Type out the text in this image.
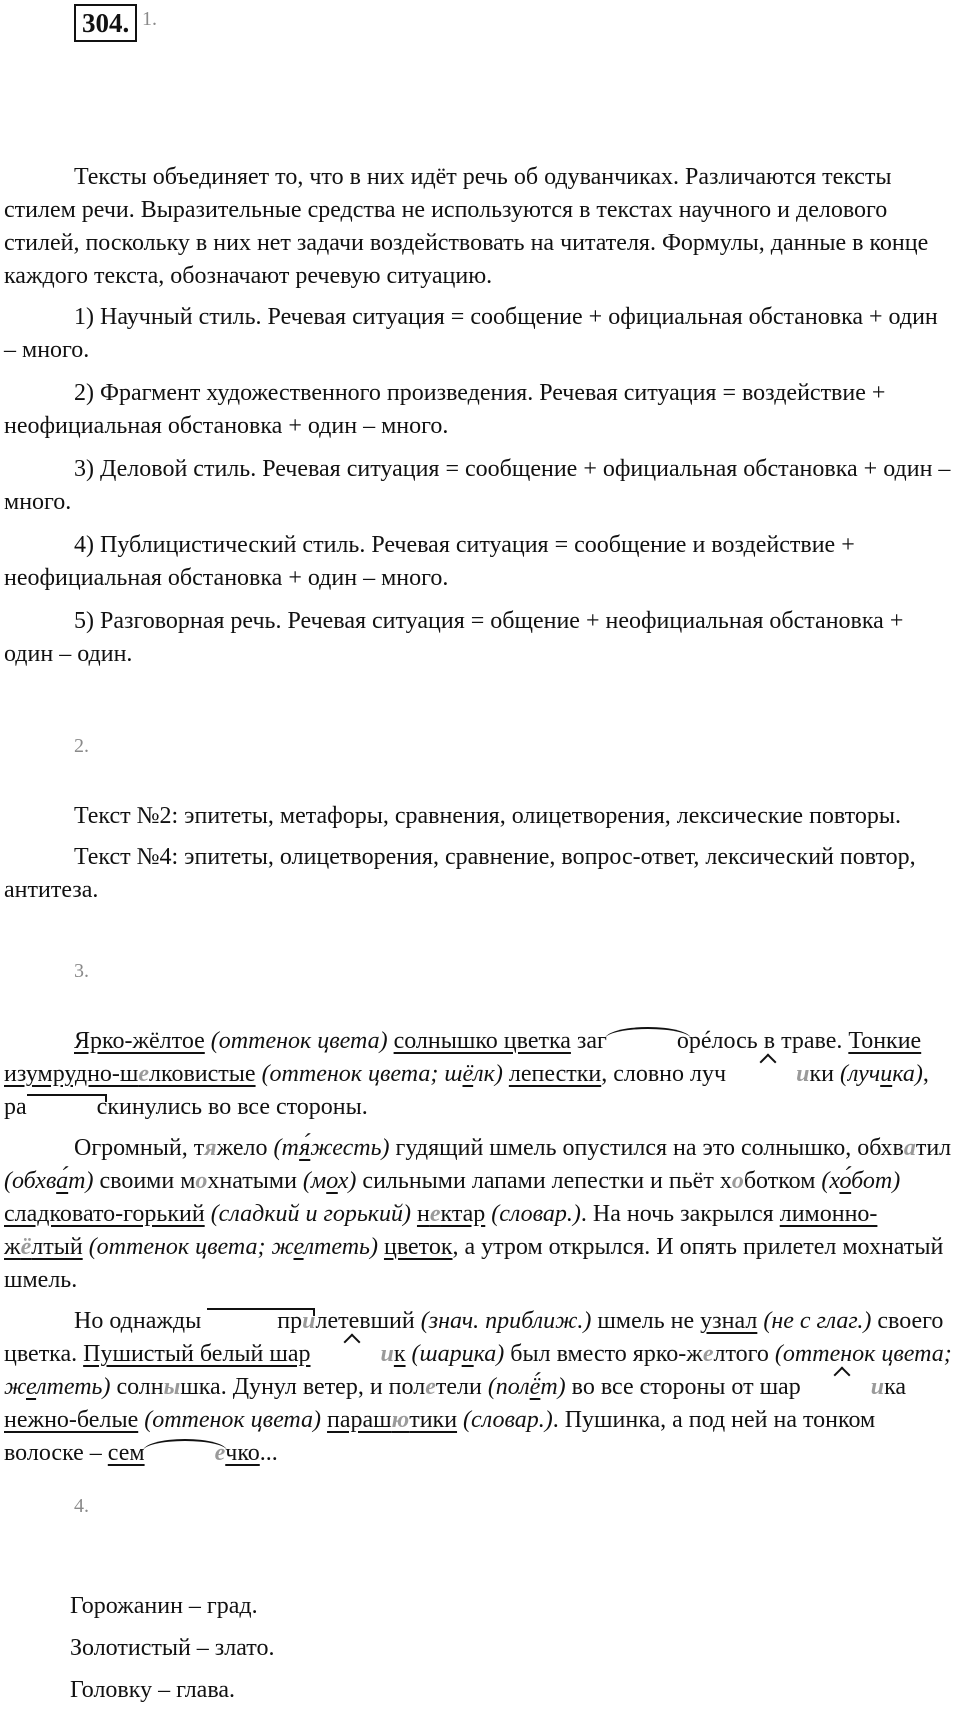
304. 1.

Тексты объединяет то, что в них идёт речь об одуванчиках. Различаются тексты стилем речи. Выразительные средства не используются в текстах научного и делового стилей, поскольку в них нет задачи воздействовать на читателя. Формулы, данные в конце каждого текста, обозначают речевую ситуацию.

1) Научный стиль. Речевая ситуация = сообщение + официальная обстановка + один – много.

2) Фрагмент художественного произведения. Речевая ситуация = воздействие + неофициальная обстановка + один – много.

3) Деловой стиль. Речевая ситуация = сообщение + официальная обстановка + один – много.

4) Публицистический стиль. Речевая ситуация = сообщение и воздействие + неофициальная обстановка + один – много.

5) Разговорная речь. Речевая ситуация = общение + неофициальная обстановка + один – один.

2.

Текст №2: эпитеты, метафоры, сравнения, олицетворения, лексические повторы.

Текст №4: эпитеты, олицетворения, сравнение, вопрос-ответ, лексический повтор, антитеза.

3.

Ярко-жёлтое (оттенок цвета) солнышко цветка заг	орéлось в траве. Тонкие изумрудно-шелковистые (оттенок цвета; шёлк) лепестки, словно луч	ики (лучика), ра	скинулись во все стороны.

Огромный, тяжело (тя́жесть) гудящий шмель опустился на это солнышко, обхватил (обхва́т) своими мохнатыми (мох) сильными лапами лепестки и пьёт хоботком (хо́бот) сладковато-горький (сладкий и горький) нектар (словар.). На ночь закрылся лимонно-жёлтый (оттенок цвета; желтеть) цветок, а утром открылся. И опять прилетел мохнатый шмель.

Но однажды	прилетевший (знач. приближ.) шмель не узнал (не с глаг.) своего цветка. Пушистый белый шар	ик (шарика) был вместо ярко-желтого (оттенок цвета; желтеть) солнышка. Дунул ветер, и полетели (полё́т) во все стороны от шар	ика нежно-белые (оттенок цвета) парашютики (словар.). Пушинка, а под ней на тонком волоске – сем	ечко...

4.
Горожанин – град.
Золотистый – злато.
Головку – глава.
